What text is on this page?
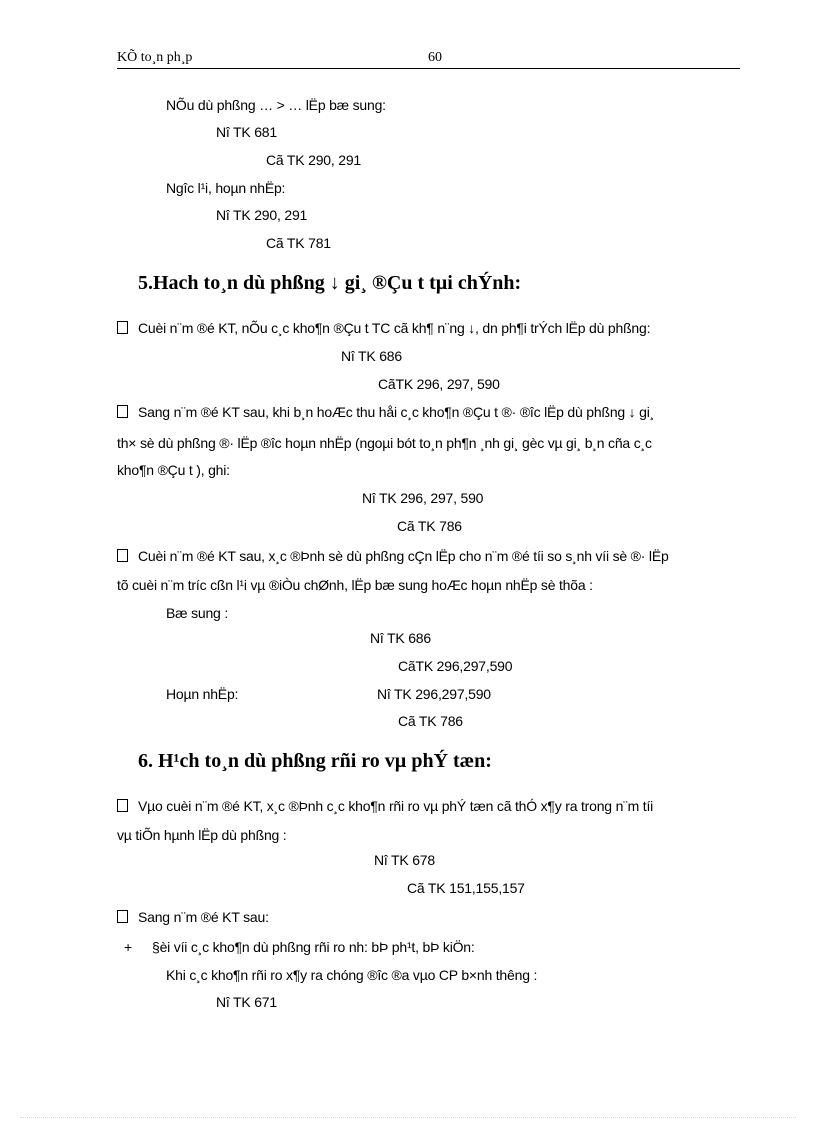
KÕ to¸n ph¸p	60
NÕu dù phßng … > … lËp bæ sung:
Nî TK 681
Cã TK 290, 291
Ngîc l¹i, hoµn nhËp:
Nî TK 290, 291
Cã TK 781
5.Hach to¸n dù phßng ↓ gi¸ ®Çu t tµi chÝnh:
Cuèi n¨m ®é KT, nÕu c¸c kho¶n ®Çu t TC cã kh¶ n¨ng ↓, dn ph¶i trÝch lËp dù phßng:
Nî TK 686
CãTK 296, 297, 590
Sang n¨m ®é KT sau, khi b¸n hoÆc thu håi c¸c kho¶n ®Çu t ®· ®îc lËp dù phßng ↓ gi¸
th× sè dù phßng ®· lËp ®îc hoµn nhËp (ngoµi bót to¸n ph¶n ¸nh gi¸ gèc vµ gi¸ b¸n cña c¸c
kho¶n ®Çu t ), ghi:
Nî TK 296, 297, 590
Cã TK 786
Cuèi n¨m ®é KT sau, x¸c ®Þnh sè dù phßng cÇn lËp cho n¨m ®é tíi so s¸nh víi sè ®· lËp
tõ cuèi n¨m tríc cßn l¹i vµ ®iÒu chØnh, lËp bæ sung hoÆc hoµn nhËp sè thõa :
Bæ sung :
Nî TK 686
CãTK 296,297,590
Hoµn nhËp:	Nî TK 296,297,590
Cã TK 786
6. H¹ch to¸n dù phßng rñi ro vµ phÝ tæn:
Vµo cuèi n¨m ®é KT, x¸c ®Þnh c¸c kho¶n rñi ro vµ phÝ tæn cã thÓ x¶y ra trong n¨m tíi
vµ tiÕn hµnh lËp dù phßng :
Nî TK 678
Cã TK 151,155,157
Sang n¨m ®é KT sau:
+ §èi víi c¸c kho¶n dù phßng rñi ro nh: bÞ ph¹t, bÞ kiÖn:
Khi c¸c kho¶n rñi ro x¶y ra chóng ®îc ®a vµo CP b×nh thêng :
Nî TK 671
